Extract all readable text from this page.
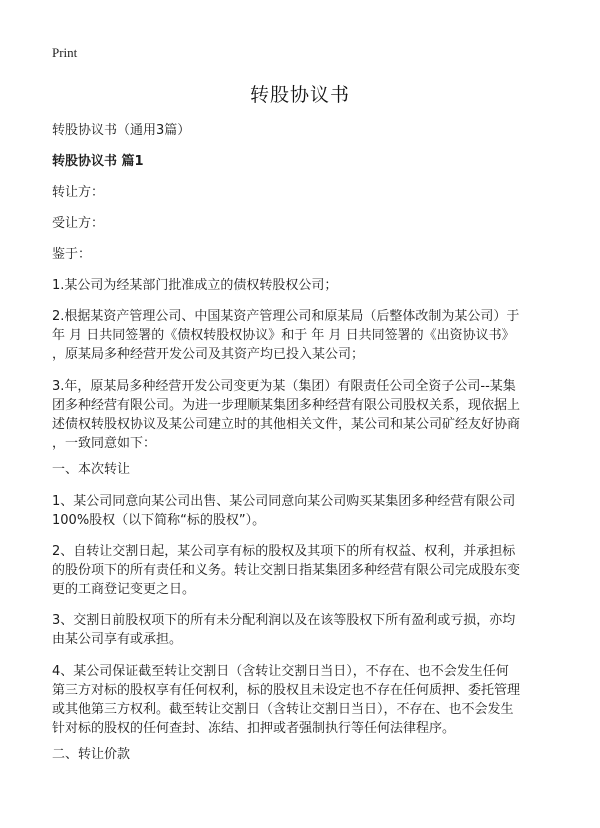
Print
转股协议书
转股协议书（通用3篇）
转股协议书 篇1
转让方：
受让方：
鉴于：
1.某公司为经某部门批准成立的债权转股权公司；
2.根据某资产管理公司、中国某资产管理公司和原某局（后整体改制为某公司）于
年 月 日共同签署的《债权转股权协议》和于 年 月 日共同签署的《出资协议书》
，原某局多种经营开发公司及其资产均已投入某公司；
3.年，原某局多种经营开发公司变更为某（集团）有限责任公司全资子公司--某集
团多种经营有限公司。为进一步理顺某集团多种经营有限公司股权关系，现依据上
述债权转股权协议及某公司建立时的其他相关文件，某公司和某公司矿经友好协商
，一致同意如下：
一、本次转让
1、某公司同意向某公司出售、某公司同意向某公司购买某集团多种经营有限公司
100%股权（以下简称“标的股权”）。
2、自转让交割日起，某公司享有标的股权及其项下的所有权益、权利，并承担标
的股份项下的所有责任和义务。转让交割日指某集团多种经营有限公司完成股东变
更的工商登记变更之日。
3、交割日前股权项下的所有未分配利润以及在该等股权下所有盈利或亏损，亦均
由某公司享有或承担。
4、某公司保证截至转让交割日（含转让交割日当日），不存在、也不会发生任何
第三方对标的股权享有任何权利，标的股权且未设定也不存在任何质押、委托管理
或其他第三方权利。截至转让交割日（含转让交割日当日），不存在、也不会发生
针对标的股权的任何查封、冻结、扣押或者强制执行等任何法律程序。
二、转让价款
